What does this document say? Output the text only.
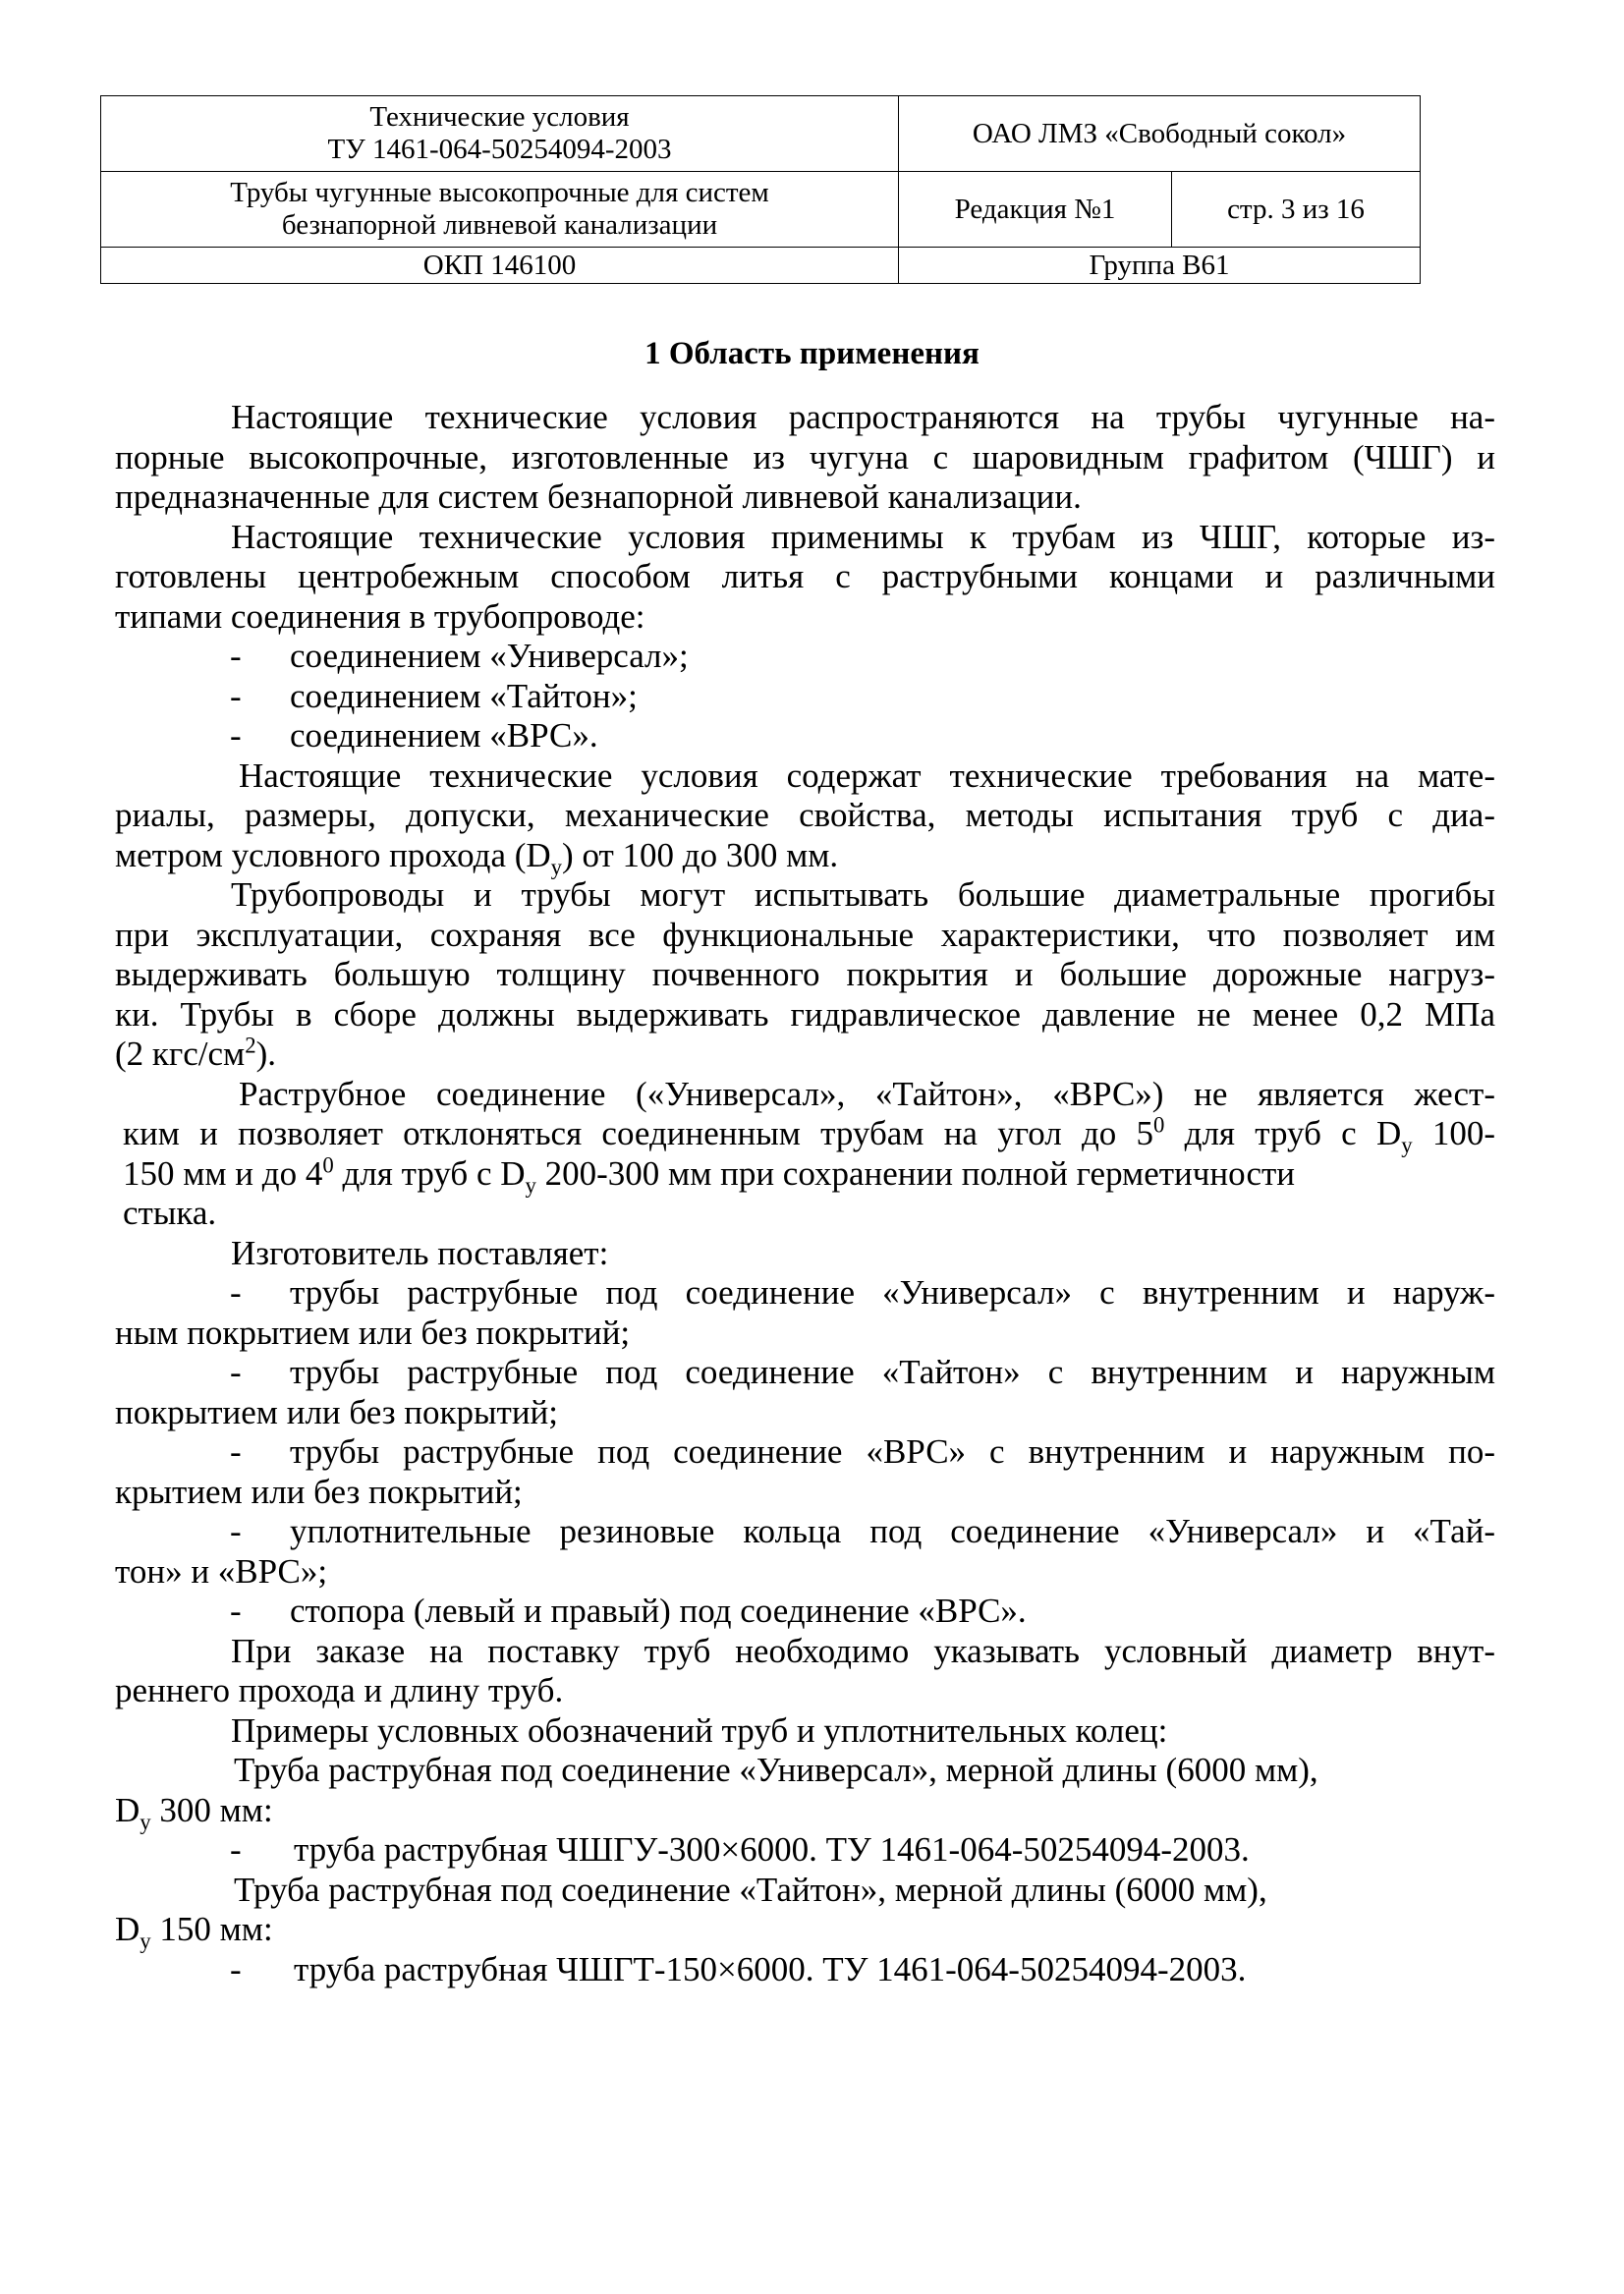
Технические условия
ТУ 1461-064-50254094-2003	ОАО ЛМЗ «Свободный сокол»	

Трубы чугунные высокопрочные для систем
безнапорной ливневой канализации	Редакция №1	стр. 3 из 16
ОКП 146100	Группа В61	
1 Область применения

Настоящие технические условия распространяются на трубы чугунные на-

порные высокопрочные, изготовленные из чугуна с шаровидным графитом (ЧШГ) и

предназначенные для систем безнапорной ливневой канализации.

Настоящие технические условия применимы к трубам из ЧШГ, которые из-

готовлены центробежным способом литья с раструбными концами и различными

типами соединения в трубопроводе:

-	соединением «Универсал»;

-	соединением «Тайтон»;

-	соединением «ВРС».

Настоящие технические условия содержат технические требования на мате-

риалы, размеры, допуски, механические свойства, методы испытания труб с диа-

метром условного прохода $(D_у)$ от 100 до 300 мм.

Трубопроводы и трубы могут испытывать большие диаметральные прогибы

при эксплуатации, сохраняя все функциональные характеристики, что позволяет им

выдерживать большую толщину почвенного покрытия и большие дорожные нагруз-

ки. Трубы в сборе должны выдерживать гидравлическое давление не менее 0,2 МПа

(2 кгс/$см^2$).

Раструбное соединение («Универсал», «Тайтон», «ВРС») не является жест-

ким и позволяет отклоняться соединенным трубам на угол до $5^0$ для труб с $D_у$ 100-

150 мм и до $4^0$ для труб с $D_у$ 200-300 мм при сохранении полной герметичности

стыка.

Изготовитель поставляет:

- трубы раструбные под соединение «Универсал» с внутренним и наруж-

ным покрытием или без покрытий;

- трубы раструбные под соединение «Тайтон» с внутренним и наружным

покрытием или без покрытий;

- трубы раструбные под соединение «ВРС» с внутренним и наружным по-

крытием или без покрытий;

- уплотнительные резиновые кольца под соединение «Универсал» и «Тай-

тон» и «ВРС»;

-	стопора (левый и правый) под соединение «ВРС».

При заказе на поставку труб необходимо указывать условный диаметр внут-

реннего прохода и длину труб.

Примеры условных обозначений труб и уплотнительных колец:

Труба раструбная под соединение «Универсал», мерной длины (6000 мм),

$D_у$ 300 мм:

-	труба раструбная ЧШГУ-300×6000. ТУ 1461-064-50254094-2003.

Труба раструбная под соединение «Тайтон», мерной длины (6000 мм),

$D_у$ 150 мм:

-	труба раструбная ЧШГТ-150×6000. ТУ 1461-064-50254094-2003.
